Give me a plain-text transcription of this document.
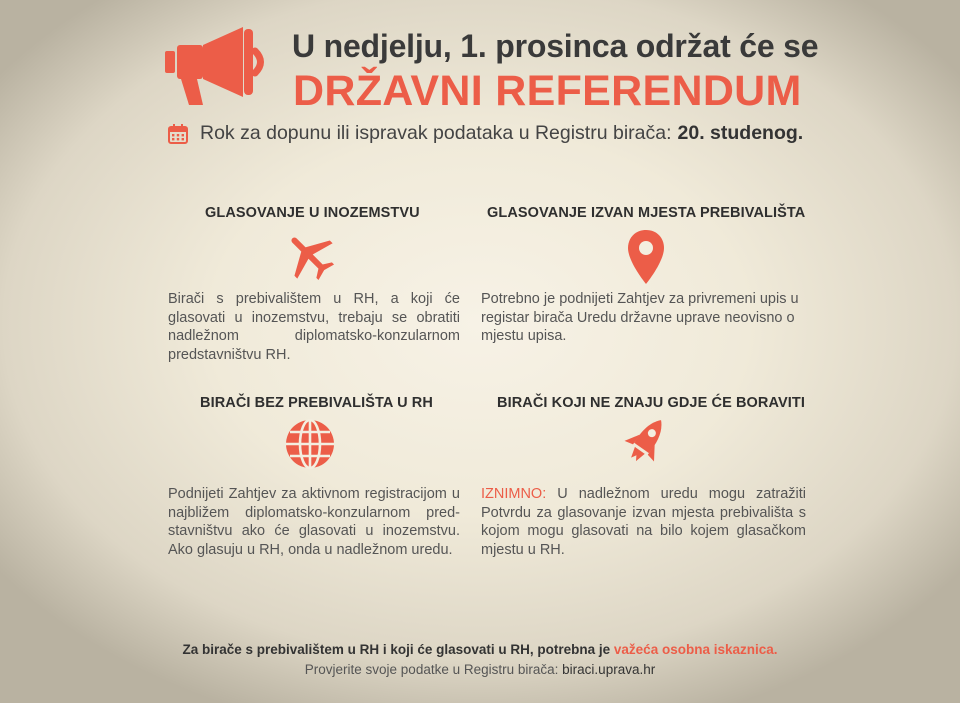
U nedjelju, 1. prosinca održat će se
DRŽAVNI REFERENDUM
Rok za dopunu ili ispravak podataka u Registru birača: 20. studenog.
GLASOVANJE U INOZEMSTVU
Birači s prebivalištem u RH, a koji će glasovati u inozemstvu, trebaju se obratiti nadležnom diplomatsko-konzularnom predstavništvu RH.
GLASOVANJE IZVAN MJESTA PREBIVALIŠTA
Potrebno je podnijeti Zahtjev za privremeni upis u registar birača Uredu državne uprave neovisno o mjestu upisa.
BIRAČI BEZ PREBIVALIŠTA U RH
Podnijeti Zahtjev za aktivnom registracijom u najbližem diplomatsko-konzularnom pred-stavništvu ako će glasovati u inozemstvu. Ako glasuju u RH, onda u nadležnom uredu.
BIRAČI KOJI NE ZNAJU GDJE ĆE BORAVITI
IZNIMNO: U nadležnom uredu mogu zatražiti Potvrdu za glasovanje izvan mjesta prebivališta s kojom mogu glasovati na bilo kojem glasačkom mjestu u RH.
Za birače s prebivalištem u RH i koji će glasovati u RH, potrebna je važeća osobna iskaznica.
Provjerite svoje podatke u Registru birača: biraci.uprava.hr
